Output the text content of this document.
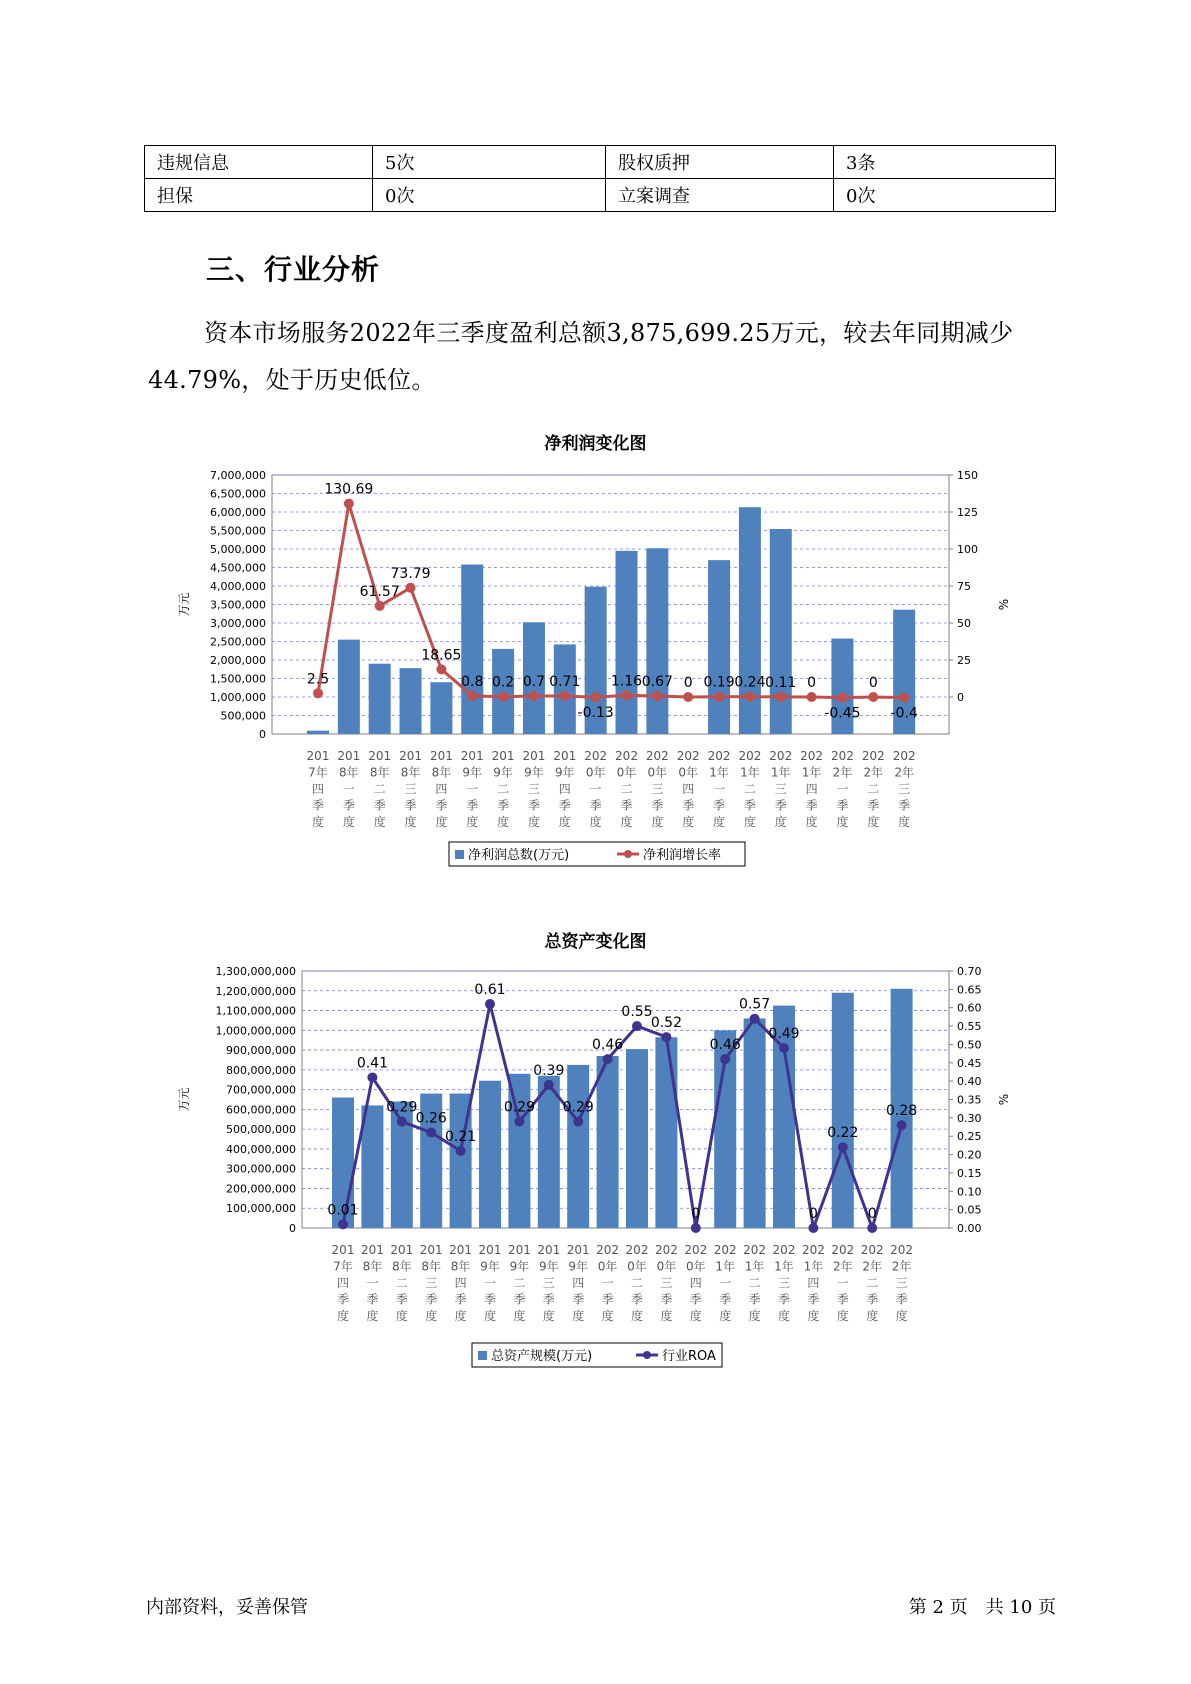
违规信息	5次	股权质押	3条
担保	0次	立案调查	0次
三、行业分析

资本市场服务2022年三季度盈利总额3,875,699.25万元，较去年同期减少44.79%，处于历史低位。

净利润变化图
0
500,000
1,000,000
1,500,000
2,000,000
2,500,000
3,000,000
3,500,000
4,000,000
4,500,000
5,000,000
5,500,000
6,000,000
6,500,000
7,000,000
0
25
50
75
100
125
150
万元	%
2.5
130.69
61.57
73.79
18.65
0.8 0.2 0.7 0.71
-0.13
1.16 0.67 0 0.19 0.24 0.11 0
-0.45
0
-0.4
201
7年
四
季
度
201
8年
一
季
度
201
8年
二
季
度
201
8年
三
季
度
201
8年
四
季
度
201
9年
一
季
度
201
9年
二
季
度
201
9年
三
季
度
201
9年
四
季
度
202
0年
一
季
度
202
0年
二
季
度
202
0年
三
季
度
202
0年
四
季
度
202
1年
一
季
度
202
1年
二
季
度
202
1年
三
季
度
202
1年
四
季
度
202
2年
一
季
度
202
2年
二
季
度
202
2年
三
季
度
净利润总数(万元)	净利润增长率
总资产变化图
0
100,000,000
200,000,000
300,000,000
400,000,000
500,000,000
600,000,000
700,000,000
800,000,000
900,000,000
1,000,000,000
1,100,000,000
1,200,000,000
1,300,000,000
0.00
0.05
0.10
0.15
0.20
0.25
0.30
0.35
0.40
0.45
0.50
0.55
0.60
0.65
0.70
万元	%
0.01
0.41
0.29
0.26
0.21
0.61
0.29
0.39
0.29
0.46
0.55
0.52
0
0.46
0.57
0.49
0
0.22
0
0.28
201
7年
四
季
度
201
8年
一
季
度
201
8年
二
季
度
201
8年
三
季
度
201
8年
四
季
度
201
9年
一
季
度
201
9年
二
季
度
201
9年
三
季
度
201
9年
四
季
度
202
0年
一
季
度
202
0年
二
季
度
202
0年
三
季
度
202
0年
四
季
度
202
1年
一
季
度
202
1年
二
季
度
202
1年
三
季
度
202
1年
四
季
度
202
2年
一
季
度
202
2年
二
季
度
202
2年
三
季
度
总资产规模(万元)	行业ROA

内部资料，妥善保管	第 2 页　共 10 页
